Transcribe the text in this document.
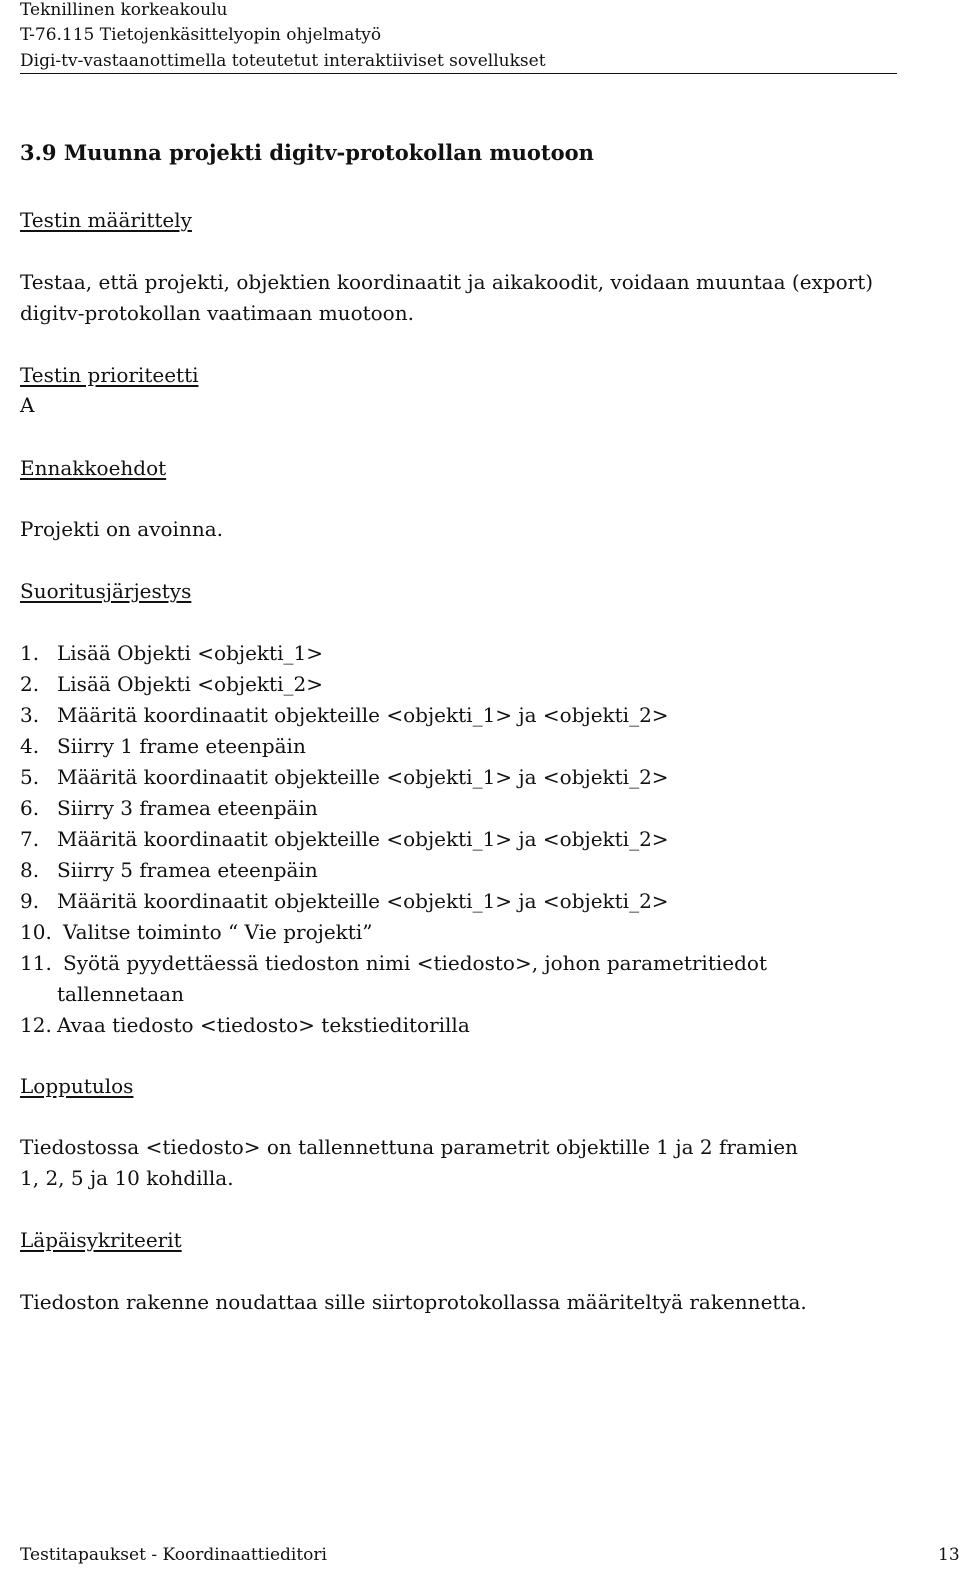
Teknillinen korkeakoulu
T-76.115 Tietojenkäsittelyopin ohjelmatyö
Digi-tv-vastaanottimella toteutetut interaktiiviset sovellukset
3.9 Muunna projekti digitv-protokollan muotoon
Testin määrittely
Testaa, että projekti, objektien koordinaatit ja aikakoodit, voidaan muuntaa (export)
digitv-protokollan vaatimaan muotoon.
Testin prioriteetti
A
Ennakkoehdot
Projekti on avoinna.
Suoritusjärjestys
1. Lisää Objekti <objekti_1>
2. Lisää Objekti <objekti_2>
3. Määritä koordinaatit objekteille <objekti_1> ja <objekti_2>
4. Siirry 1 frame eteenpäin
5. Määritä koordinaatit objekteille <objekti_1> ja <objekti_2>
6. Siirry 3 framea eteenpäin
7. Määritä koordinaatit objekteille <objekti_1> ja <objekti_2>
8. Siirry 5 framea eteenpäin
9. Määritä koordinaatit objekteille <objekti_1> ja <objekti_2>
10. Valitse toiminto “ Vie projekti”
11. Syötä pyydettäessä tiedoston nimi <tiedosto>, johon parametritiedot
tallennetaan
12. Avaa tiedosto <tiedosto> tekstieditorilla
Lopputulos
Tiedostossa <tiedosto> on tallennettuna parametrit objektille 1 ja 2 framien
1, 2, 5 ja 10 kohdilla.
Läpäisykriteerit
Tiedoston rakenne noudattaa sille siirtoprotokollassa määriteltyä rakennetta.
Testitapaukset - Koordinaattieditori	13
